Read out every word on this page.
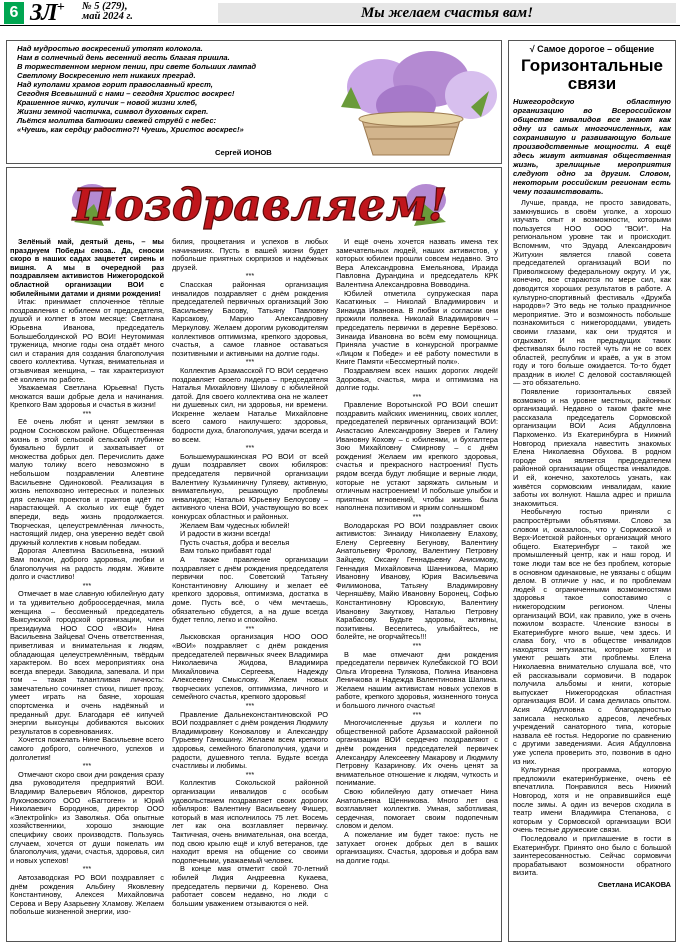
6 ЗЛ+ № 5 (279),
май 2024 г.	Мы желаем счастья вам!

Над мудростью воскресений утопят колокола.

Нам в солнечный день весенний весть благая пришла.

В торжественном мерном пении, при свете больших лампад

Светлому Воскресению нет никаких преград.

Над куполами храмов горит православный крест,

Сегодня Всевышний с нами – сегодня Христос воскрес!

Крашенное яичко, куличик – новой жизни хлеб,

Жизни земной частичка, символ духовных скреп.

Льётся молитва батюшки свежей струёй с небес:

«Чуешь, как сердцу радостно?! Чуешь, Христос воскрес!»

Сергей ИОНОВ
Поздравляем!

Зелёный май, деятый день, – мы празднуем Победы сноза.. Да, сноски скоро в наших садах зацветет сирень и вишня. А мы в очередной раз поздравляем активистов Нижегородской областной организации ВОИ с юбилейными датами и днями рождения!

Итак: принимает сплоченное тёплые поздравления с юбилеем от председателя, душой и колпет в этом месяце: Светлана Юрьевна Иванова, председатель Большеболдинской РО ВОИ! Неутомимая труженица, многие годы она отдаёт много сил и старания для создания благополучия своего коллектива. Чуткая, внимательная и отзывчивая женщина, – так характеризуют её коллеги по работе.

Уважаемая Светлана Юрьевна! Пусть множатся ваши добрые дела и начинания. Крепкого Вам здоровья и счастья в жизни!

***

Её очень любят и ценят земляки в родном Сосновском районе. Общественная жизнь в этой сельской сельской глубинке буквально бурлит и захватывает от множества добрых дел. Перечислить даже малую толику всего невозможно в небольшом поздравлении Алевтине Васильевне Одиноковой. Реализация в жизнь непохвозно интересных и полезных для сельчан проектов и грантов идёт по нарастающей. А сколько их ещё будет впереди, ведь жизнь продолжается. Творческая, целеустремлённая личность, настоящий лидер, она уверенно ведёт свой дружный коллектив к новым победам.

Дорогая Алевтина Васильевна, низкий Вам поклон, доброго здоровья, любви и благополучия на радость людям. Живите долго и счастливо!

***

Отмечает в мае славную юбилейную дату и та удивительно доброосердечная, мила женщина – бессменный председатель Выксунской городской организации, член президиума НОО СОО «ВОИ» Нина Васильевна Зайцева! Очень ответственная, приветливая и внимательная к людям, обладающая целеустремлённым, твёрдым характером. Во всех мероприятиях она всегда впереди. Заводила, запевала. И при том – такая талантливая личность: замечательно сочиняет стихи, пишет прозу, умеет играть на баяне, хорошая спортсменка и очень надёжный и преданный друг. Благодаря её кипучей энергии выксунцы добиваются высоких результатов в соревнованиях.

Хочется пожелать Нине Васильевне всего самого доброго, солнечного, успехов и долголетия!

***

Отмечают скоро свои дни рождения сразу два руководителя предприятий ВОИ. Владимир Валерьевич Яблоков, директор Луконовского ООО «Багтоген» и Юрий Николаевич Бородинов, директор ООО «Электрolink» из Заволжья. Оба опытные хозяйственники, хорошо знающие специфику своих производств. Пользуясь случаем, хочется от души пожелать им благополучия, удачи, счастья, здоровья, сил и новых успехов!

***

Автозаводская РО ВОИ поздравляет с днём рождения Альбину Яковлевну Константинову, Алексея Михайловича Серова и Веру Азарьевну Хламову. Желаем побольше жизненной энергии, изо-

билия, процветания и успехов в любых начинаниях. Пусть в вашей жизни будет побольше приятных сюрпризов и надёжных друзей.

***

Спасская районная организация инвалидов поздравляет с днём рождения председателей первичных организаций Зою Васильевну Басову, Татьяну Павловну Карсакову, Марию Александровну Меркулову. Желаем дорогим руководителям коллективов оптимизма, крепкого здоровья, счастья, а самое главное оставаться позитивными и активными на долгие годы.

***

Коллектив Арзамасской ГО ВОИ сердечно поздравляет своего лидера – председателя Наталья Михайловну Шилову с юбилейной датой. Для своего коллектива она не жалеет ни душевных сил, ни здоровья, ни времени. Искренне желаем Наталье Михайловне всего самого наилучшего: здоровья, бодрости духа, благополучия, удачи всегда и во всем.

***

Большемурашкинская РО ВОИ от всей души поздравляет своих юбиляров: председателя первичной организации Валентину Кузьминичну Гуляеву, активную, внимательную, решающую проблемы инвалидов; Наталью Юрьевну Белоусову – активного члена ВОИ, участвующую во всех конкурсах областных и районных.

Желаем Вам чудесных юбилей!

И радости в жизни всегда!

Пусть счастья, добра и веселья

Вам только прибавят года!

А также правление организации поздравляет с днём рождения председателя первички пос. Советский Татьяну Константиновну Алюшину и желает её крепкого здоровья, оптимизма, достатка в доме. Пусть всё, о чём мечтаешь, обязательно сбудется, а на душе всегда будет тепло, легко и спокойно.

***

Лысковская организация НОО ООО «ВОИ» поздравляет с днём рождения председателей первичных ячеек Владимира Николаевича Жидова, Владимира Михайловича Сергеева, Надежду Алексеевну Смыслову. Желаем новых творческих успехов, оптимизма, личного и семейного счастья, крепкого здоровья!

***

Правление Дальнеконстантиновской РО ВОИ поздравляет с днём рождения Людмилу Владимировну Коновалову и Александру Гурьевну Ганюшину. Желаем всем крепкого здоровья, семейного благополучия, удачи и радости, душевного тепла. Будьте всегда счастливы и любимы.

***

Коллектив Сокольской районной организации инвалидов с особым удовольствием поздравляет своих дорогих юбиляров: Валентину Васильевну Фишер, который в мая исполнилось 75 лет. Восемь лет как она возглавляет первичку. Тактичная, очень внимательная, она всегда, под свою крылю ещё и клуб ветеранов, где находит время на общение со своими подопечными, уважаемый человек.

В конце мая отметит свой 70-летний юбилей Лидия Андреевна Кукаева, председатель первички д. Коренево. Она работает совсем недавно, но люди с большим уважением отзываются о ней.

И ещё очень хочется назвать имена тех замечательных людей, наших активистов, у которых юбилеи прошли совсем недавно. Это Вера Александровна Емельянова, Ираида Павловна Дурандина и председатель КРК Валентина Александровна Вовводина.

Юбилей отметила супружеская пара Касаткиных – Николай Владимирович и Зинаида Ивановна. В любви и согласии они прожили полвека. Николай Владимирович – председатель первички в деревне Берёзово. Зинаида Ивановна во всём ему помощница. Приняла участие в конкурсной программе «Лицом к Победе» и её работу поместили в Книге Памяти «Бессмертный полк».

Поздравляем всех наших дорогих людей! Здоровья, счастья, мира и оптимизма на долгие годы.

***

Правление Воротынской РО ВОИ спешит поздравить майских именинниц, своих коллег, председателей первичных организаций ВОИ: Анастасию Александровну Зверев и Галину Ивановну Кохову – с юбилеями, и бухгалтера Зою Михайловну Смирнову – с днём рождения! Желаем им крепкого здоровья, счастья и прекрасного настроения! Пусть рядом всегда будут любящие и верные люди, которые не устают заряжать сильным и отличным настроением! И побольше улыбок и приятных мгновений, чтобы жизнь была наполнена позитивом и ярким солнышком!

***

Володарская РО ВОИ поздравляет своих активистов: Зинаиду Николаевну Елахову, Елену Сергеевну Бегунову, Валентину Анатольевну Фролову, Валентину Петровну Зайцеву, Оксану Геннадьевну Анисимову, Геннадия Михайловича Шанникова, Марию Ивановну Иванову, Юрия Васильевича Филимонова, Татьяну Владимировну Черняшёву, Майю Ивановну Боронец, Софью Константиновну Юровскую, Валентину Ивановну Закуткову, Наталью Петровну Карабасову. Будьте здоровы, активны, позитивны. Веселитесь, улыбайтесь, не болейте, не огорчайтесь!!!

***

В мае отмечают дни рождения председатели первичек Кулебакской ГО ВОИ Ольга Игоревна Тулякова, Полина Ивановна Леничкова и Надежда Валентиновна Шалина. Желаем нашим активистам новых успехов в работе, крепкого здоровья, жизненного тонуса и большого личного счастья!

***

Многочисленные друзья и коллеги по общественной работе Арзамасской районной организации ВОИ сердечно поздравляют с днём рождения председателей первичек Александру Алексеевну Макарову и Людмилу Петровну Казаринову. Их очень ценят за внимательное отношение к людям, чуткость и понимание.

Свою юбилейную дату отмечает Нина Анатольевна Щенникова. Много лет она возглавляет коллектив. Умная, заботливая, сердечная, помогает своим подопечным словом и делом.

А пожелание им будет такое: пусть не затухает огонек добрых дел в ваших организациях. Счастья, здоровья и добра вам на долгие годы.

√ Самое дорогое – общение
Горизонтальные связи
Нижегородскую областную организацию во Всероссийском обществе инвалидов все знают как одну из самых многочисленных, как сохранившую и развивающую больше производственные мощности. А ещё здесь живут активная общественная жизнь, зрелищные мероприятия следуют одно за другим. Словом, некоторым российским регионам есть чему позаимствовать.

Лучше, правда, не просто завидовать, замкнувшись в своём уголке, а хорошо изучать опыт и возможности, которыми пользуется НОО ООО "ВОИ". На региональном уровне так и происходит. Вспомним, что Эдуард Александрович Житухин является главой совета председателей организаций ВОИ по Приволжскому федеральному округу. И уж, конечно, все стараются по мере сил, как доводится хороших результатов в работе. А культурно-спортивный фестиваль «Дружба народов»? Это ведь не только праздничное мероприятие. Это и возможность побольше познакомиться с нижегородцами, увидеть своими глазами, как они трудятся и отдыхают. И на предыдущих таких фестивалях было гостей чуть ли не со всех областей, республик и краёв, а уж в этом году и того больше ожидается. То-то будет праздник в июле! С деловой составляющей — это обязательно.

Появление горизонтальных связей возможно и на уровне местных, районных организаций. Недавно о таком факте мне рассказала председатель Сормовской организации ВОИ Асия Абдулловна Пархоменко. Из Екатеринбурга в Нижний Новгород приехала навестить знакомых Елена Николаевна Обухова. В родном городе она является председателем районной организации общества инвалидов. И ей, конечно, захотелось узнать, как живётся сормовским инвалидам, какие заботы их волнуют. Нашла адрес и пришла знакомиться.

Необычную гостью приняли с распростёртыми объятиями. Слово за словом и, оказалось, что у Сормовской и Верх-Исетской районных организаций много общего. Екатеринбург – такой же промышленный центр, как и наш город. И тоже люди там все не без проблем, которые в основном одинаковые, не увязаны с общим делом. В отличие у нас, и по проблемам людей с ограниченными возможностями здоровья такое сопоставимо с нижегородским регионом. Члены организаций ВОИ, как правило, уже в очень пожилом возрасте. Членские взносы в Екатеринбурге много выше, чем здесь. И слава богу, что в обществе инвалидов находятся энтузиасты, которые хотят и умеют решать эти проблемы. Елена Николаевна внимательно слушала всё, что ей рассказывали сормовичи. В подарок получила альбомы и книги, которые выпускает Нижегородская областная организация ВОИ. И сама делилась опытом. Асия Абдулловна с благодарностью записала несколько адресов, лечебных учреждений санаторного типа, которые назвала её гостья. Недорогие по сравнению с другими заведениями. Асия Абдулловна уже успела проверить это, позвонив в одно из них.

Культурная программа, которую предложили екатеринбурженке, очень её впечатлила. Понравился весь Нижний Новгород, хотя и не оправившийся ещё после зимы. А один из вечеров сходила в театр имени Владимира Степанова, с которым у Сормовской организации ВОИ очень тесные дружеские связи.

Последовало и приглашение в гости в Екатеринбург. Принято оно было с большой заинтересованностью. Сейчас сормовичи прорабатывают возможности обратного визита.

Светлана ИСАКОВА
